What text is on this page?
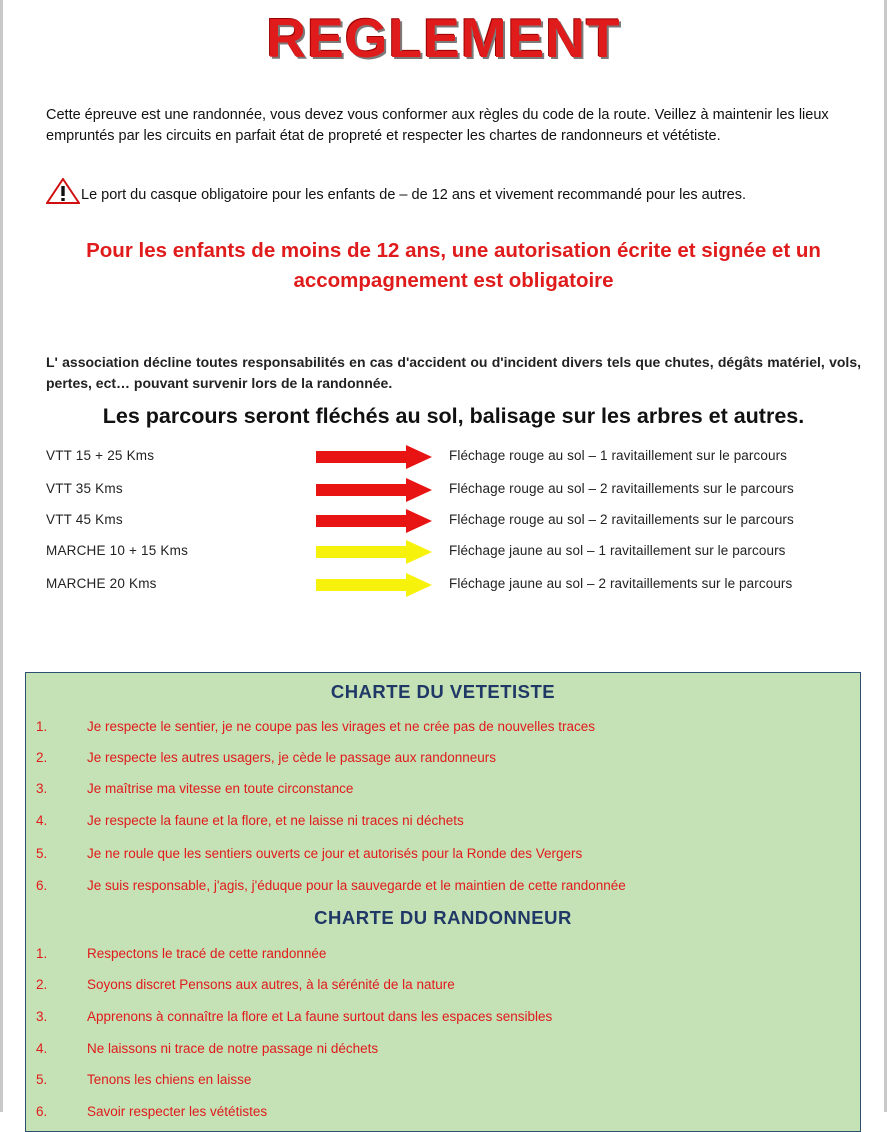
REGLEMENT
Cette épreuve est une randonnée, vous devez vous conformer aux règles du code de la route. Veillez à maintenir les lieux empruntés par les circuits en parfait état de propreté et respecter les chartes de randonneurs et vététiste.
Le port du casque obligatoire pour les enfants de – de 12 ans et vivement recommandé pour les autres.
Pour les enfants de moins de 12 ans, une autorisation écrite et signée et un accompagnement est obligatoire
L' association décline toutes responsabilités en cas d'accident ou d'incident divers tels que chutes, dégâts matériel, vols, pertes, ect… pouvant survenir lors de la randonnée.
Les parcours seront fléchés au sol, balisage sur les arbres et autres.
VTT 15 + 25 Kms	Fléchage rouge au sol – 1 ravitaillement sur le parcours
VTT 35 Kms	Fléchage rouge au sol – 2 ravitaillements sur le parcours
VTT 45 Kms	Fléchage rouge au sol – 2 ravitaillements sur le parcours
MARCHE 10 + 15 Kms	Fléchage jaune au sol – 1 ravitaillement sur le parcours
MARCHE 20 Kms	Fléchage jaune au sol – 2 ravitaillements sur le parcours
CHARTE DU VETETISTE
1.	Je respecte le sentier, je ne coupe pas les virages et ne crée pas de nouvelles traces
2.	Je respecte les autres usagers, je cède le passage aux randonneurs
3.	Je maîtrise ma vitesse en toute circonstance
4.	Je respecte la faune et la flore, et ne laisse ni traces ni déchets
5.	Je ne roule que les sentiers ouverts ce jour et autorisés pour la Ronde des Vergers
6.	Je suis responsable, j'agis, j'éduque pour la sauvegarde et le maintien de cette randonnée
CHARTE DU RANDONNEUR
1.	Respectons le tracé de cette randonnée
2.	Soyons discret Pensons aux autres, à la sérénité de la nature
3.	Apprenons à connaître la flore et La faune surtout dans les espaces sensibles
4.	Ne laissons ni trace de notre passage ni déchets
5.	Tenons les chiens en laisse
6.	Savoir respecter les vététistes
